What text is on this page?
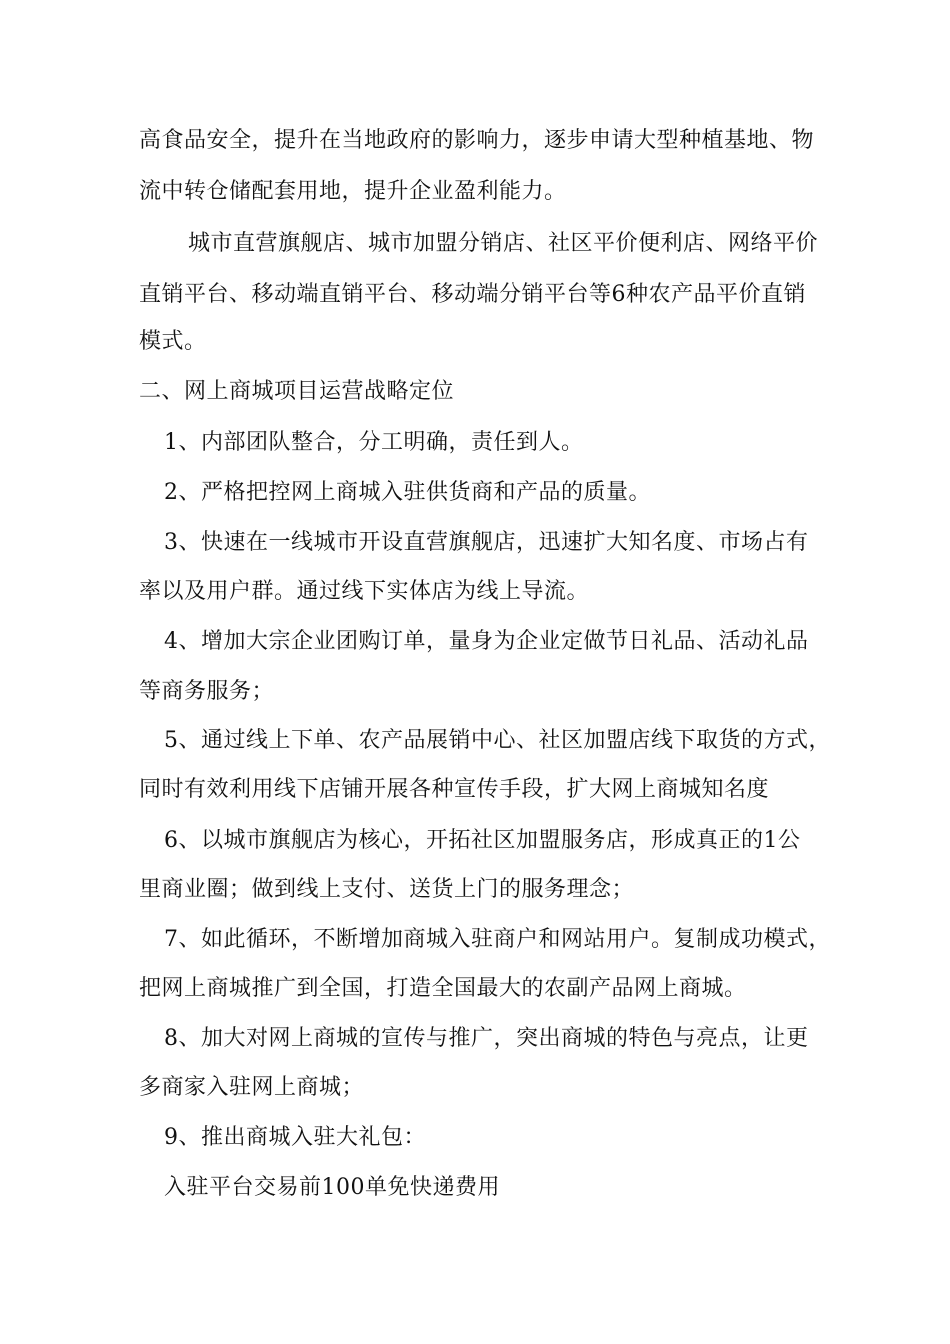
高食品安全，提升在当地政府的影响力，逐步申请大型种植基地、物
流中转仓储配套用地，提升企业盈利能力。
城市直营旗舰店、城市加盟分销店、社区平价便利店、网络平价
直销平台、移动端直销平台、移动端分销平台等6种农产品平价直销
模式。
二、网上商城项目运营战略定位
1、内部团队整合，分工明确，责任到人。
2、严格把控网上商城入驻供货商和产品的质量。
3、快速在一线城市开设直营旗舰店，迅速扩大知名度、市场占有
率以及用户群。通过线下实体店为线上导流。
4、增加大宗企业团购订单，量身为企业定做节日礼品、活动礼品
等商务服务；
5、通过线上下单、农产品展销中心、社区加盟店线下取货的方式，
同时有效利用线下店铺开展各种宣传手段，扩大网上商城知名度
6、以城市旗舰店为核心，开拓社区加盟服务店，形成真正的1公
里商业圈；做到线上支付、送货上门的服务理念；
7、如此循环，不断增加商城入驻商户和网站用户。复制成功模式，
把网上商城推广到全国，打造全国最大的农副产品网上商城。
8、加大对网上商城的宣传与推广，突出商城的特色与亮点，让更
多商家入驻网上商城；
9、推出商城入驻大礼包：
入驻平台交易前100单免快递费用
